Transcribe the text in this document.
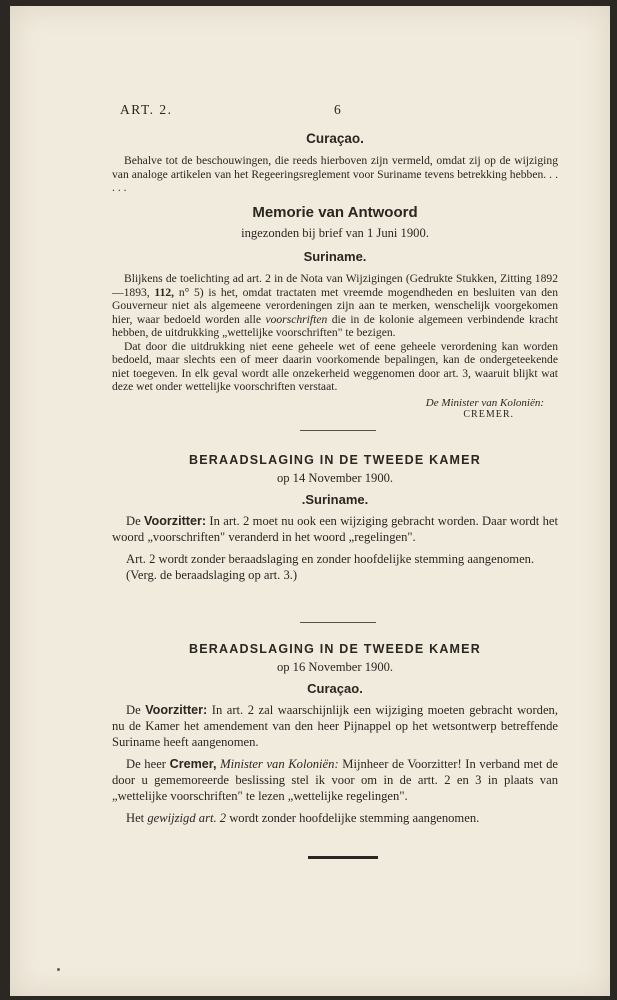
ART. 2.	6
Curaçao.

Behalve tot de beschouwingen, die reeds hierboven zijn vermeld, omdat zij op de wijziging van analoge artikelen van het Regeeringsreglement voor Suriname tevens betrekking hebben. . . . . .

Memorie van Antwoord
ingezonden bij brief van 1 Juni 1900.
Suriname.

Blijkens de toelichting ad art. 2 in de Nota van Wijzigingen (Gedrukte Stukken, Zitting 1892—1893, 112, n° 5) is het, omdat tractaten met vreemde mogendheden en besluiten van den Gouverneur niet als algemeene verordeningen zijn aan te merken, wenschelijk voorgekomen hier, waar bedoeld worden alle voorschriften die in de kolonie algemeen verbindende kracht hebben, de uitdrukking „wettelijke voorschriften" te bezigen.

Dat door die uitdrukking niet eene geheele wet of eene geheele verordening kan worden bedoeld, maar slechts een of meer daarin voorkomende bepalingen, kan de ondergeteekende niet toegeven. In elk geval wordt alle onzekerheid weggenomen door art. 3, waaruit blijkt wat deze wet onder wettelijke voorschriften verstaat.

De Minister van Koloniën:
CREMER.
BERAADSLAGING IN DE TWEEDE KAMER
op 14 November 1900.
.Suriname.

De Voorzitter: In art. 2 moet nu ook een wijziging gebracht worden. Daar wordt het woord „voorschriften" veranderd in het woord „regelingen".

Art. 2 wordt zonder beraadslaging en zonder hoofdelijke stemming aangenomen.

(Verg. de beraadslaging op art. 3.)

BERAADSLAGING IN DE TWEEDE KAMER
op 16 November 1900.
Curaçao.

De Voorzitter: In art. 2 zal waarschijnlijk een wijziging moeten gebracht worden, nu de Kamer het amendement van den heer Pijnappel op het wetsontwerp betreffende Suriname heeft aangenomen.

De heer Cremer, Minister van Koloniën: Mijnheer de Voorzitter! In verband met de door u gememoreerde beslissing stel ik voor om in de artt. 2 en 3 in plaats van „wettelijke voorschriften" te lezen „wettelijke regelingen".

Het gewijzigd art. 2 wordt zonder hoofdelijke stemming aangenomen.
